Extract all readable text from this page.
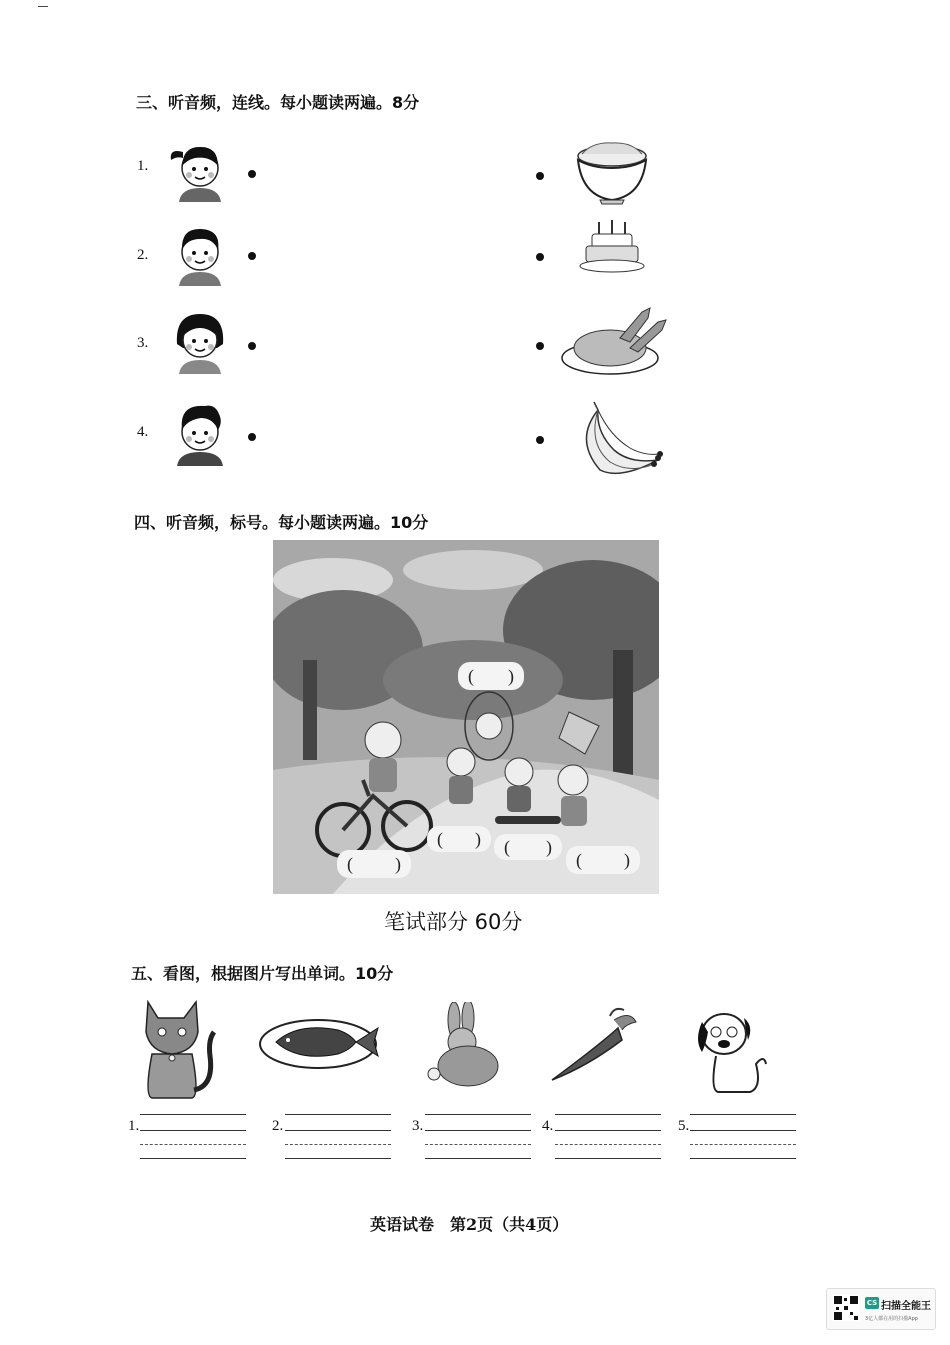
三、听音频，连线。每小题读两遍。8分
1.
2.
3.
4.
四、听音频，标号。每小题读两遍。10分
( )
( ) ( )
( )	( )
笔试部分 60分
五、看图，根据图片写出单词。10分
1.	2.	3.	4.	5.
英语试卷　第2页（共4页）
CS 扫描全能王
3亿人都在用的扫描App
